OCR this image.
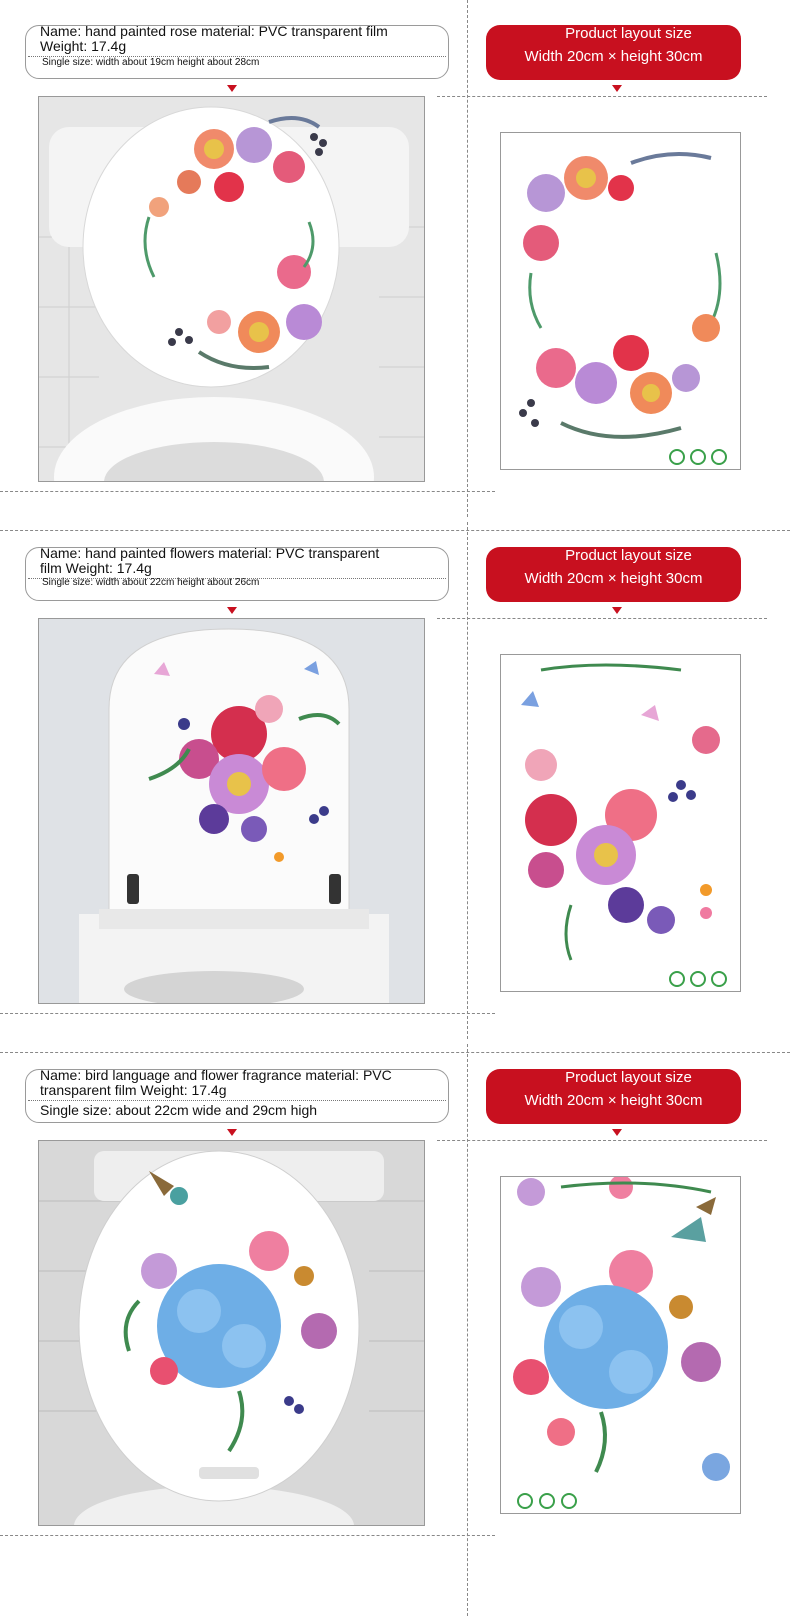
Name: hand painted rose material: PVC transparent film
Weight: 17.4g
Single size: width about 19cm height about 28cm
Product layout size
Width 20cm × height 30cm
Name: hand painted flowers material: PVC transparent
film Weight: 17.4g
Single size: width about 22cm height about 26cm
Product layout size
Width 20cm × height 30cm
Name: bird language and flower fragrance material: PVC
transparent film Weight: 17.4g
Single size: about 22cm wide and 29cm high
Product layout size
Width 20cm × height 30cm
